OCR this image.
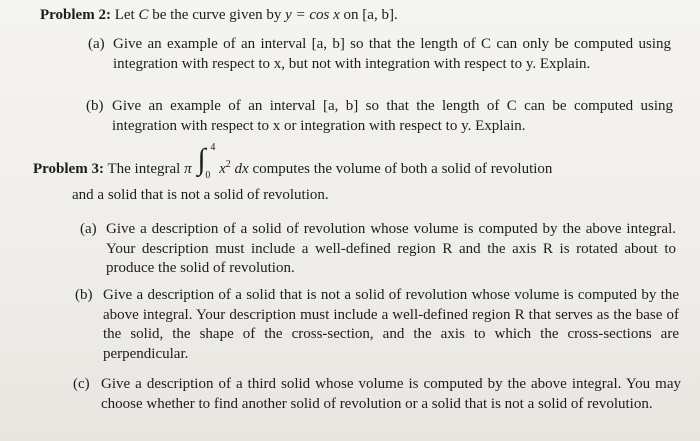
Problem 2: Let C be the curve given by y = cos x on [a, b].
(a) Give an example of an interval [a, b] so that the length of C can only be computed using integration with respect to x, but not with integration with respect to y. Explain.
(b) Give an example of an interval [a, b] so that the length of C can be computed using integration with respect to x or integration with respect to y. Explain.
Problem 3: The integral π ∫ 4
0 $x^2$ dx computes the volume of both a solid of revolution
and a solid that is not a solid of revolution.
(a) Give a description of a solid of revolution whose volume is computed by the above integral. Your description must include a well-defined region R and the axis R is rotated about to produce the solid of revolution.
(b) Give a description of a solid that is not a solid of revolution whose volume is computed by the above integral. Your description must include a well-defined region R that serves as the base of the solid, the shape of the cross-section, and the axis to which the cross-sections are perpendicular.
(c) Give a description of a third solid whose volume is computed by the above integral. You may choose whether to find another solid of revolution or a solid that is not a solid of revolution.
